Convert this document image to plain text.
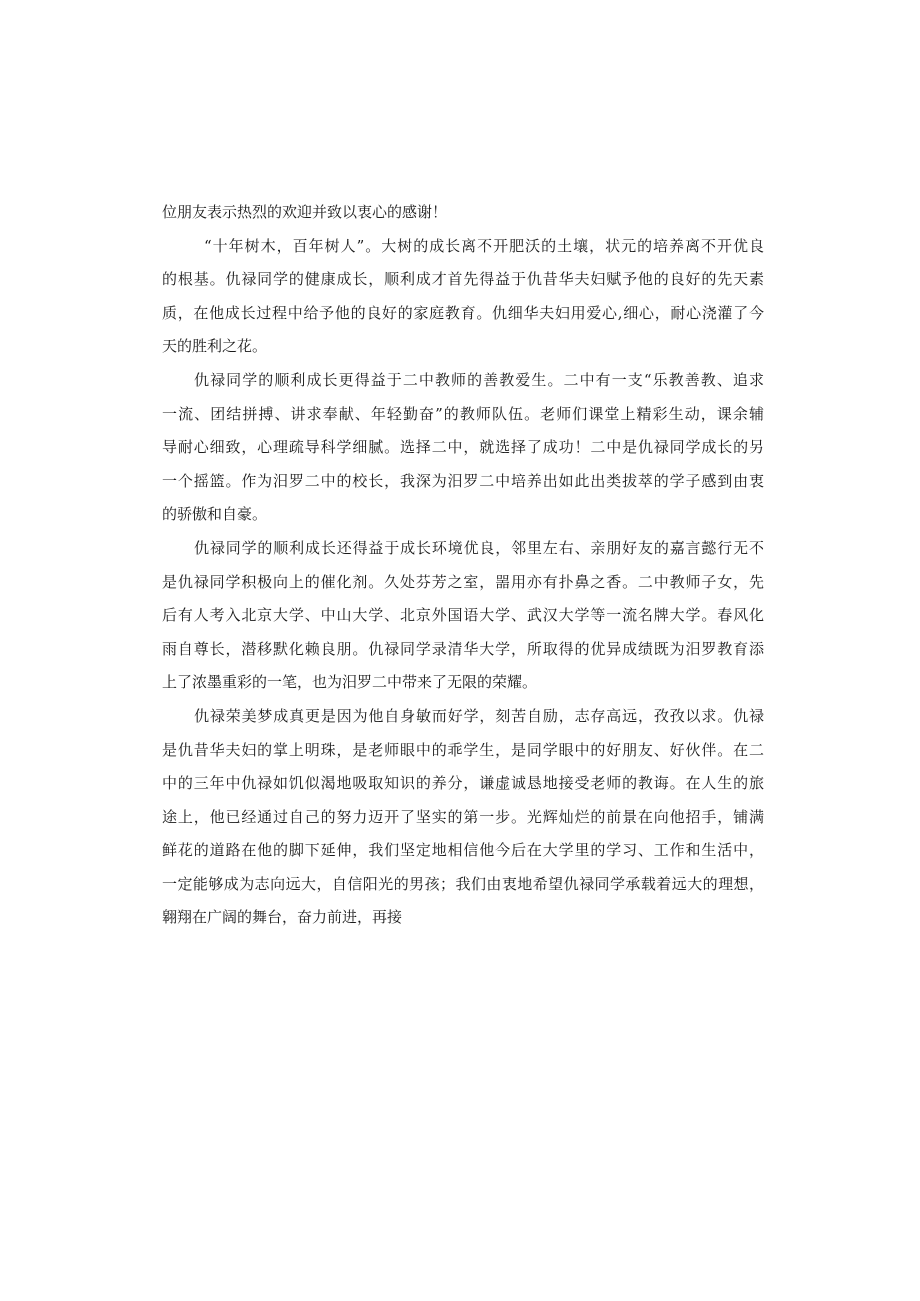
位朋友表示热烈的欢迎并致以衷心的感谢！
“十年树木，百年树人”。大树的成长离不开肥沃的土壤，状元的培养离不开优良
的根基。仇禄同学的健康成长，顺利成才首先得益于仇昔华夫妇赋予他的良好的先天素
质，在他成长过程中给予他的良好的家庭教育。仇细华夫妇用爱心,细心，耐心浇灌了今
天的胜利之花。
仇禄同学的顺利成长更得益于二中教师的善教爱生。二中有一支“乐教善教、追求
一流、团结拼搏、讲求奉献、年轻勤奋”的教师队伍。老师们课堂上精彩生动，课余辅
导耐心细致，心理疏导科学细腻。选择二中，就选择了成功！二中是仇禄同学成长的另
一个摇篮。作为汨罗二中的校长，我深为汨罗二中培养出如此出类拔萃的学子感到由衷
的骄傲和自豪。
仇禄同学的顺利成长还得益于成长环境优良，邻里左右、亲朋好友的嘉言懿行无不
是仇禄同学积极向上的催化剂。久处芬芳之室，噐用亦有扑鼻之香。二中教师子女，先
后有人考入北京大学、中山大学、北京外国语大学、武汉大学等一流名牌大学。春风化
雨自尊长，潜移默化赖良朋。仇禄同学录清华大学，所取得的优异成绩既为汨罗教育添
上了浓墨重彩的一笔，也为汨罗二中带来了无限的荣耀。
仇禄荣美梦成真更是因为他自身敏而好学，刻苦自励，志存高远，孜孜以求。仇禄
是仇昔华夫妇的掌上明珠，是老师眼中的乖学生，是同学眼中的好朋友、好伙伴。在二
中的三年中仇禄如饥似渴地吸取知识的养分，谦虚诚恳地接受老师的教诲。在人生的旅
途上，他已经通过自己的努力迈开了坚实的第一步。光辉灿烂的前景在向他招手，铺满
鲜花的道路在他的脚下延伸，我们坚定地相信他今后在大学里的学习、工作和生活中，
一定能够成为志向远大，自信阳光的男孩；我们由衷地希望仇禄同学承载着远大的理想，
翱翔在广阔的舞台，奋力前进，再接
